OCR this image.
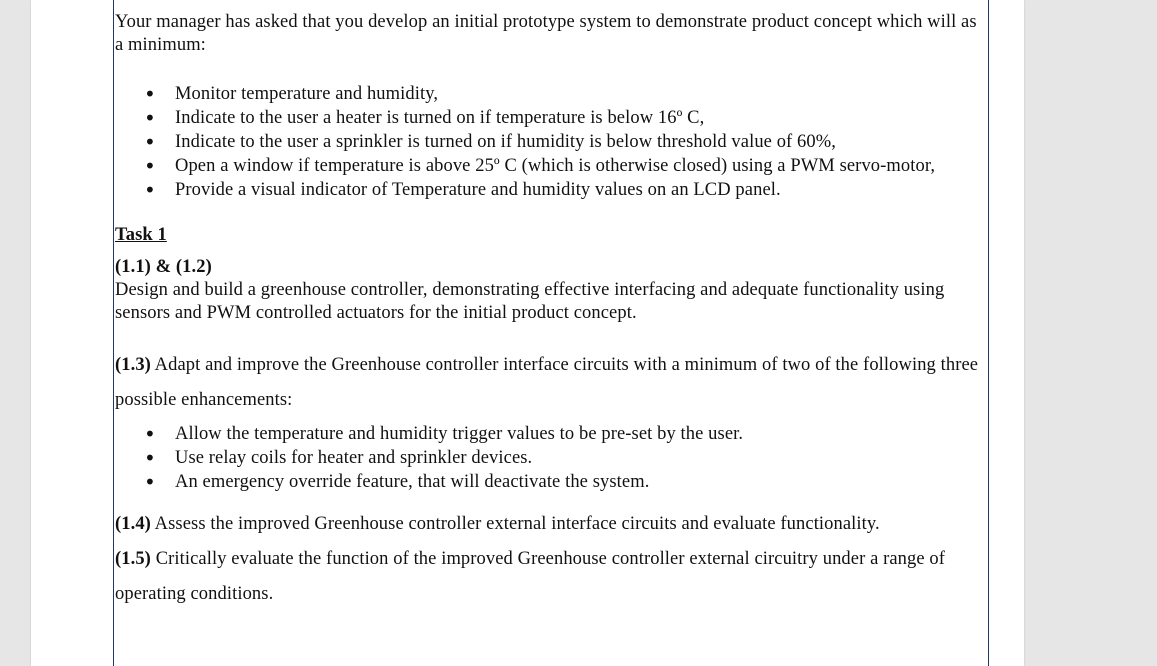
Your manager has asked that you develop an initial prototype system to demonstrate product concept which will as a minimum:

• Monitor temperature and humidity,
• Indicate to the user a heater is turned on if temperature is below 16º C,
• Indicate to the user a sprinkler is turned on if humidity is below threshold value of 60%,
• Open a window if temperature is above 25º C (which is otherwise closed) using a PWM servo-motor,
• Provide a visual indicator of Temperature and humidity values on an LCD panel.

Task 1

(1.1) & (1.2)

Design and build a greenhouse controller, demonstrating effective interfacing and adequate functionality using sensors and PWM controlled actuators for the initial product concept.

(1.3) Adapt and improve the Greenhouse controller interface circuits with a minimum of two of the following three possible enhancements:

• Allow the temperature and humidity trigger values to be pre-set by the user.
• Use relay coils for heater and sprinkler devices.
• An emergency override feature, that will deactivate the system.

(1.4) Assess the improved Greenhouse controller external interface circuits and evaluate functionality.

(1.5) Critically evaluate the function of the improved Greenhouse controller external circuitry under a range of operating conditions.
